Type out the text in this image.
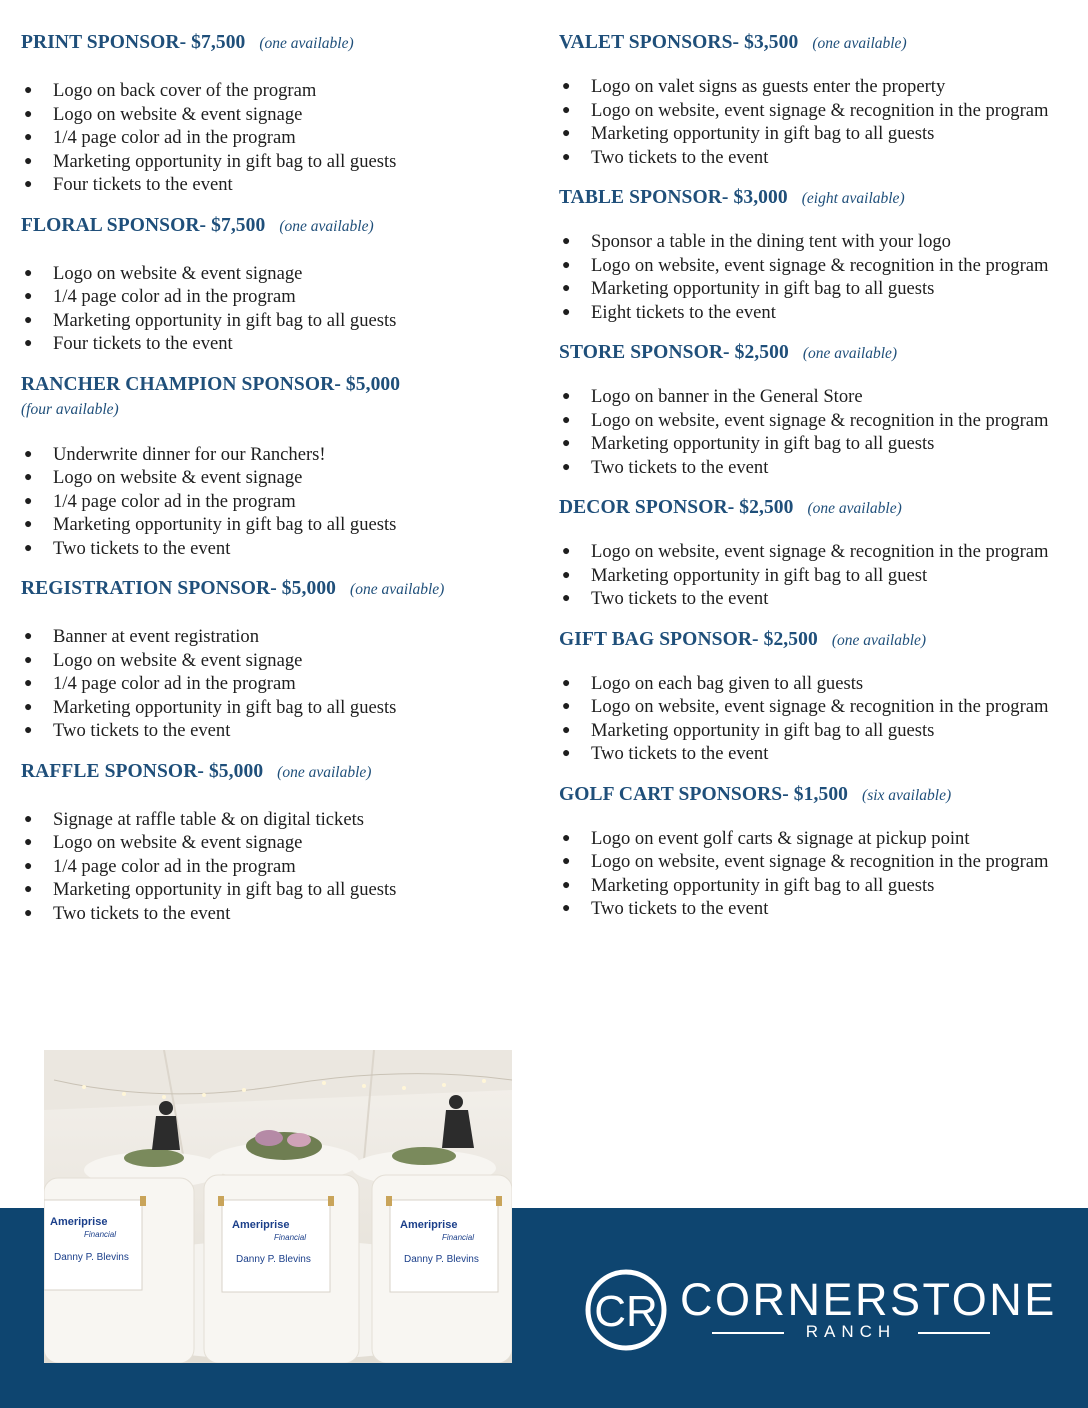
PRINT SPONSOR- $7,500 (one available)
● Logo on back cover of the program
● Logo on website & event signage
● 1/4 page color ad in the program
● Marketing opportunity in gift bag to all guests
● Four tickets to the event
FLORAL SPONSOR- $7,500 (one available)
● Logo on website & event signage
● 1/4 page color ad in the program
● Marketing opportunity in gift bag to all guests
● Four tickets to the event
RANCHER CHAMPION SPONSOR- $5,000
(four available)
● Underwrite dinner for our Ranchers!
● Logo on website & event signage
● 1/4 page color ad in the program
● Marketing opportunity in gift bag to all guests
● Two tickets to the event
REGISTRATION SPONSOR- $5,000 (one available)
● Banner at event registration
● Logo on website & event signage
● 1/4 page color ad in the program
● Marketing opportunity in gift bag to all guests
● Two tickets to the event
RAFFLE SPONSOR- $5,000 (one available)
● Signage at raffle table & on digital tickets
● Logo on website & event signage
● 1/4 page color ad in the program
● Marketing opportunity in gift bag to all guests
● Two tickets to the event
VALET SPONSORS- $3,500 (one available)
● Logo on valet signs as guests enter the property
● Logo on website, event signage & recognition in the program
● Marketing opportunity in gift bag to all guests
● Two tickets to the event
TABLE SPONSOR- $3,000 (eight available)
● Sponsor a table in the dining tent with your logo
● Logo on website, event signage & recognition in the program
● Marketing opportunity in gift bag to all guests
● Eight tickets to the event
STORE SPONSOR- $2,500 (one available)
● Logo on banner in the General Store
● Logo on website, event signage & recognition in the program
● Marketing opportunity in gift bag to all guests
● Two tickets to the event
DECOR SPONSOR- $2,500 (one available)
● Logo on website, event signage & recognition in the program
● Marketing opportunity in gift bag to all guest
● Two tickets to the event
GIFT BAG SPONSOR- $2,500 (one available)
● Logo on each bag given to all guests
● Logo on website, event signage & recognition in the program
● Marketing opportunity in gift bag to all guests
● Two tickets to the event
GOLF CART SPONSORS- $1,500 (six available)
● Logo on event golf carts & signage at pickup point
● Logo on website, event signage & recognition in the program
● Marketing opportunity in gift bag to all guests
● Two tickets to the event
Ameriprise
Financial
Danny P. Blevins
Ameriprise
Financial
Danny P. Blevins
Ameriprise
Financial
Danny P. Blevins
CR CORNERSTONE
RANCH
